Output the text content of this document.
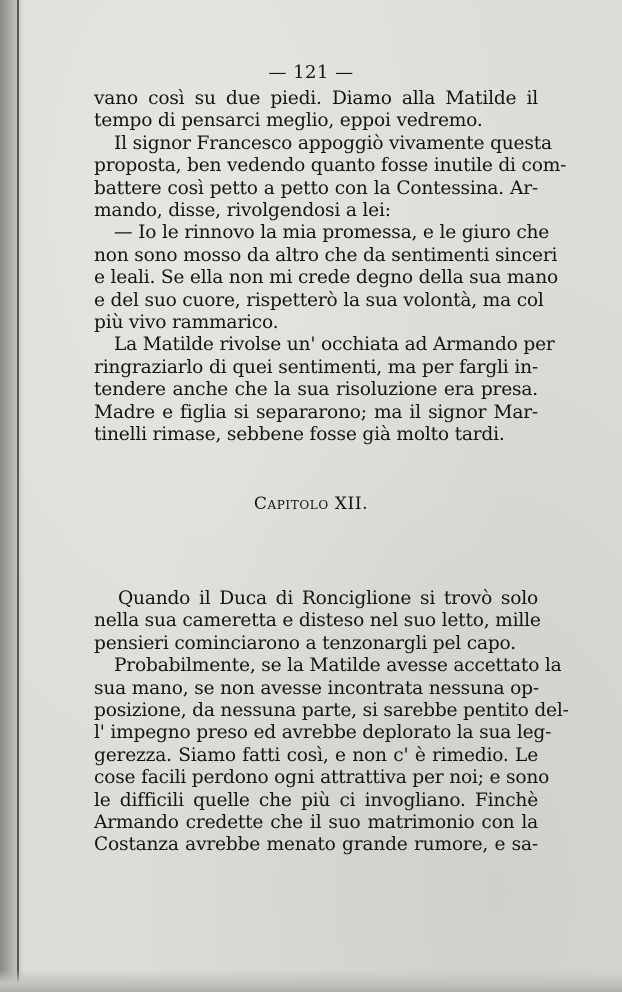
— 121 —
vano così su due piedi. Diamo alla Matilde il
tempo di pensarci meglio, eppoi vedremo.
Il signor Francesco appoggiò vivamente questa
proposta, ben vedendo quanto fosse inutile di com-
battere così petto a petto con la Contessina. Ar-
mando, disse, rivolgendosi a lei:
— Io le rinnovo la mia promessa, e le giuro che
non sono mosso da altro che da sentimenti sinceri
e leali. Se ella non mi crede degno della sua mano
e del suo cuore, rispetterò la sua volontà, ma col
più vivo rammarico.
La Matilde rivolse un' occhiata ad Armando per
ringraziarlo di quei sentimenti, ma per fargli in-
tendere anche che la sua risoluzione era presa.
Madre e figlia si separarono; ma il signor Mar-
tinelli rimase, sebbene fosse già molto tardi.
Capitolo XII.
Quando il Duca di Ronciglione si trovò solo
nella sua cameretta e disteso nel suo letto, mille
pensieri cominciarono a tenzonargli pel capo.
Probabilmente, se la Matilde avesse accettato la
sua mano, se non avesse incontrata nessuna op-
posizione, da nessuna parte, si sarebbe pentito del-
l' impegno preso ed avrebbe deplorato la sua leg-
gerezza. Siamo fatti così, e non c' è rimedio. Le
cose facili perdono ogni attrattiva per noi; e sono
le difficili quelle che più ci invogliano. Finchè
Armando credette che il suo matrimonio con la
Costanza avrebbe menato grande rumore, e sa-
